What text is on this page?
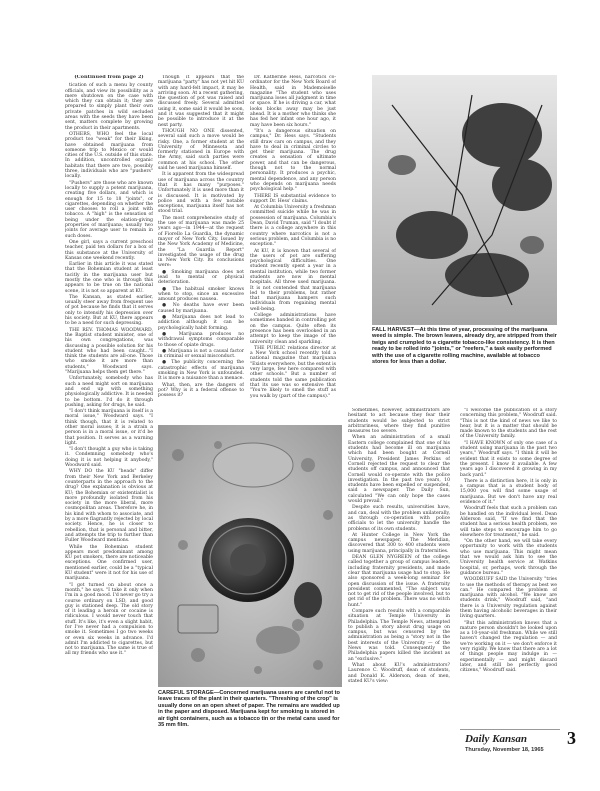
(Continued from page 2)

tication of such a menu by county officials, and view its possibility as a mere shutdown on the case with which they can obtain it; they are prepared to simply plant their own private patches in wild secluded areas with the seeds they have been sent, matters complete by growing the product in their apartments.

OTHERS, WHO feel the local product too "weak" for their liking, have obtained marijuana from someone trip to Mexico or would cities of the U.S. outside of this state. In addition, uncontrolled organic habitats that there are two, possibly three, individuals who are "pushers" locally.

"Pushers" are those who are known locally to supply a potent marijuana, creating five dollars, and which is enough for 15 to 18 "joints", or cigarettes, depending on whether the user chooses to roll a joint with tobacco. A "high" is the sensation of being under the elation-giving properties of marijuana; usually two joints for average user to remain in such doses.

One girl, says a current preschool teacher, paid ten dollars for a box of this substance at the University of Kansas one weekend recently.

Earlier in this article it was stated that the Bohemian student at least tacitly in the marijuana user but mostly the one who is through this appears to be true on the national scene, it is not so apparent at KU.

The Kansan, as stated earlier, usually steer away from frequent use of pot because he finds that it serves only to intensify his depression over his society. But at KU, there appears to be a need for such depressing.

THE REV. THOMAS WOODWARD, the Baptist student minister, one of his own congregations, was discussing a possible solution for his student who had been caught..."I think the students are all-one. Those who smoke it are more than students," Woodward says. "Marijuana helps them get there."

Unfortunately, somebody who has such a need might sort on marijuana and end up with something physiologically addictive. It is needed to be bottom. I'd do it through pushing, asking for drugs, he said.

"I don't think marijuana is itself is a moral issue," Woodward says. "I think though, that it is related to other moral issues; it is a strain a person is in a moral issue, or it'd be that position. It serves as a warning light.

"I don't thought a guy who is taking it. Condemning somebody who's doing it is not helping it anybody," Woodward said.

WHY DO the KU "heads" differ from their New York and Berkeley counterparts in the approach to the drug? One explanation is obvious at KU; the Bohemian or existentialist is more profoundly isolated from his society in the more liberal, more cosmopolitan areas. Therefore he, in his kind with whom to associate, and by a more flagrantly rejected by local society. Hence, he is closer to rebellion, that is personal and bitter, and attempts the trip to further than Fuller Woodward mentions.

While the Bohemian student appears most predominant among KU pot smokers, there are noticeable exceptions. One confirmed user, mentioned earlier, could be a "typical KU student" were it not for his use of marijuana.

"I got turned on about once a month," he says. "I take it only when I'm in a good mood. I'd never go try a course ordinary on LSD, and good guy is stationed deep. The old story of it leading a heroin or cocaine is ridiculous. I would never touch that stuff. It's like, it's even a slight habit, for I've never had a compulsion to smoke it. Sometimes I go two weeks or even six weeks in advance. I'd admit I'm addicted to cigarettes, but not to marijuana. The same is true of all my friends who use it."

Though it appears that the marijuana "party" has not yet hit KU with any hard-felt impact, it may be arriving soon. At a recent gathering, the question of pot was raised and discussed freely. Several admitted using it, some said it would be soon, and it was suggested that it might be possible to introduce it at the next party.

THOUGH NO ONE dissented, several said such a move would be risky. One, a former student at the University of Minnesota and formerly stationed in Europe with the Army, said such parties were common at his school. The other said he used marijuana himself.

It is apparent from the widespread use of marijuana across the country that it has many "purposes." Unfortunately it is used more than it is discussed. It is motivated by police and with a few notable exceptions, marijuana itself has not stood trial.

The most comprehensive study of the use of marijuana was made 25 years ago—in 1944—at the request of Fiorello La Guardia, the dynamic mayor of New York City. Issued by the New York Academy of Medicine, the "La Guardia Report" investigated the usage of the drug in New York City. Its conclusions were:

● Smoking marijuana does not lead to mental or physical deterioration.

● The habitual smoker knows when to stop, since an excessive amount produces nausea.

● No deaths have ever been caused by marijuana.

● Marijuana does not lead to addiction although it can be psychologically habit forming.

● Marijuana produces no withdrawal symptoms comparable to those of opiate drugs.

● Marijuana is not a causal factor in criminal or sexual misconduct.

● The publicity concerning the catastrophic effects of marijuana smoking in New York is unfounded. It is more a nuisance than a menace.

What, then, are the dangers of pot? Why is it a federal offense to possess it?

Dr. Katherine Hess, narcotics co-ordinator for the New York Board of Health, said in Mademoiselle magazine "The student who uses marijuana loses all judgment in time or space. If he is driving a car, what looks blocks away may be just ahead. It is a mother who thinks she has fed her infant one hour ago, it may have been six hours."

"It's a dangerous situation on campus," Dr. Hess says. "Students still draw cars on campus, and they have to deal in criminal circles to get their marijuana. The drug creates a sensation of ultimate power, and that can be dangerous, though not to the normal personality. It produces a psychic, mental dependence, and any person who depends on marijuana needs psychological help."

THERE IS substantial evidence to support Dr. Hess' claims.

At Columbia University a freshman committed suicide while he was in possession of marijuana. Columbia's Dean, David Truman, said "I doubt if there is a college anywhere in this country where narcotics is not a serious problem, and Columbia is no exception."

At KU, it is known that several of the users of pot are suffering psychological difficulties. One student recently spent a year in a mental institution, while two former students are now in mental hospitals. All three used marijuana. It is not contended that marijuana led to their problems, but rather that marijuana hampers such individuals from regaining mental well-being.

College administrations have sometimes banded in controlling pot on the campus. Quite often its presence has been overlooked in an attempt to keep the image of the university clean and sparkling.

THE PUBLIC relations director at a New York school recently told a national magazine that marijuana "Exists everywhere, but the extent is very large, few here compared with other schools." But a number of students told the same publication that its use was so extensive that "You're likely to smell the stuff as you walk by (part of the campus)."

CAREFUL STORAGE—Concerned marijuana users are careful not to leave traces of the plant in their quarters. "Threshing of the crop" is usually done on an open sheet of paper. The remains are wadded up in the paper and disposed. Marijuana kept for smoking is stored in air tight containers, such as a tobacco tin or the metal cans used for 35 mm film.
FALL HARVEST—At this time of year, processing of the marijuana weed is simple. The brown leaves, already dry, are stripped from their twigs and crumpled to a cigarette tobacco-like consistency. It is then ready to be rolled into "joints," or "reefers," a task easily performed with the use of a cigarette rolling machine, available at tobacco stores for less than a dollar.

Sometimes, however, administrators are hesitant to act because they fear their students would be subjected to strict arbitrariness, where they find punitive measures too severe.

When an administration of a small Eastern college complained that one of his students had become ill on marijuana which had been bought at Cornell University, President James Perkins of Cornell rejected the request to clear the students off campus, and announced that Cornell would co-operate with the police investigation. In the past two years, 10 students have been expelled or suspended, said a newspaper. The Daily Sun, calculated "We can only hope the cases would prevail."

Despite such results, universities have, and can, deal with the problem unilaterally, as through co-operation with police officials to let the university handle the problems of its own students.

At Hunter College in New York the campus newspaper, The Meridian, discovered that 300 to 400 students were using marijuana, principally in fraternities.

DEAN GLEN NYGREEN of the college called together a group of campus leaders, including fraternity presidents, and made clear that marijuana usage had to stop. He also sponsored a week-long seminar for open discussion of the issue. A fraternity president commented, "The subject was not to get rid of the people involved, but to get rid of the problem. There was no witch hunt."

Compare such results with a comparable situation at Temple University in Philadelphia. The Temple News, attempted to publish a story about drug usage on campus, but was censored by the administration as being a "story not in the best interests of the University — of the News was told. Consequently the Philadelphia papers killed the incident as an "exclusive."

What about KU's administrators? Laurence C. Woodruff, dean of students, and Donald K. Alderson, dean of men, stated KU's view:

"I welcome the publication of a story concerning this problem," Woodruff said. "This is not the kind of news we like to hear, but it is a matter that should be made known to the students and the rest of the University family.

"I HAVE KNOWN of only one case of a student using marijuana in the past two years," Woodruff says. "I think it will be evident that it exists to some degree of the present. I know it available. A few years ago I discovered it growing in my back yard."

There is a distinction here, it is only in a campus that is a student body of 15,000 you will find some usage of marijuana. But we don't have any real evidence of it."

Woodruff feels that such a problem can be handled on the individual level. Dean Alderson said, "If we find that the student has a serious health problem, we will take steps to encourage him to go elsewhere for treatment," he said.

"On the other hand, we will take every opportunity to work with the students who use marijuana. This might mean that we would ask him to see the University health service at Watkins hospital, or, perhaps, work through the guidance bureau."

WOODRUFF SAID the University "tries to use the methods of therapy as best we can." He compared the problem of marijuana with alcohol. "We know are students drink," Woodruff said, "and there is a University regulation against them having alcoholic beverages in their living quarters.

"But this administration knows that a mature person shouldn't be looked upon as a 10-year-old freshman. While we still haven't changed the regulation — and we're working on it — we don't enforce it very rigidly. We know that there are a lot of things people may indulge in — experimentally — and might discard later, and still be perfectly good citizens," Woodruff said.

Daily Kansan 3
Thursday, November 18, 1965
